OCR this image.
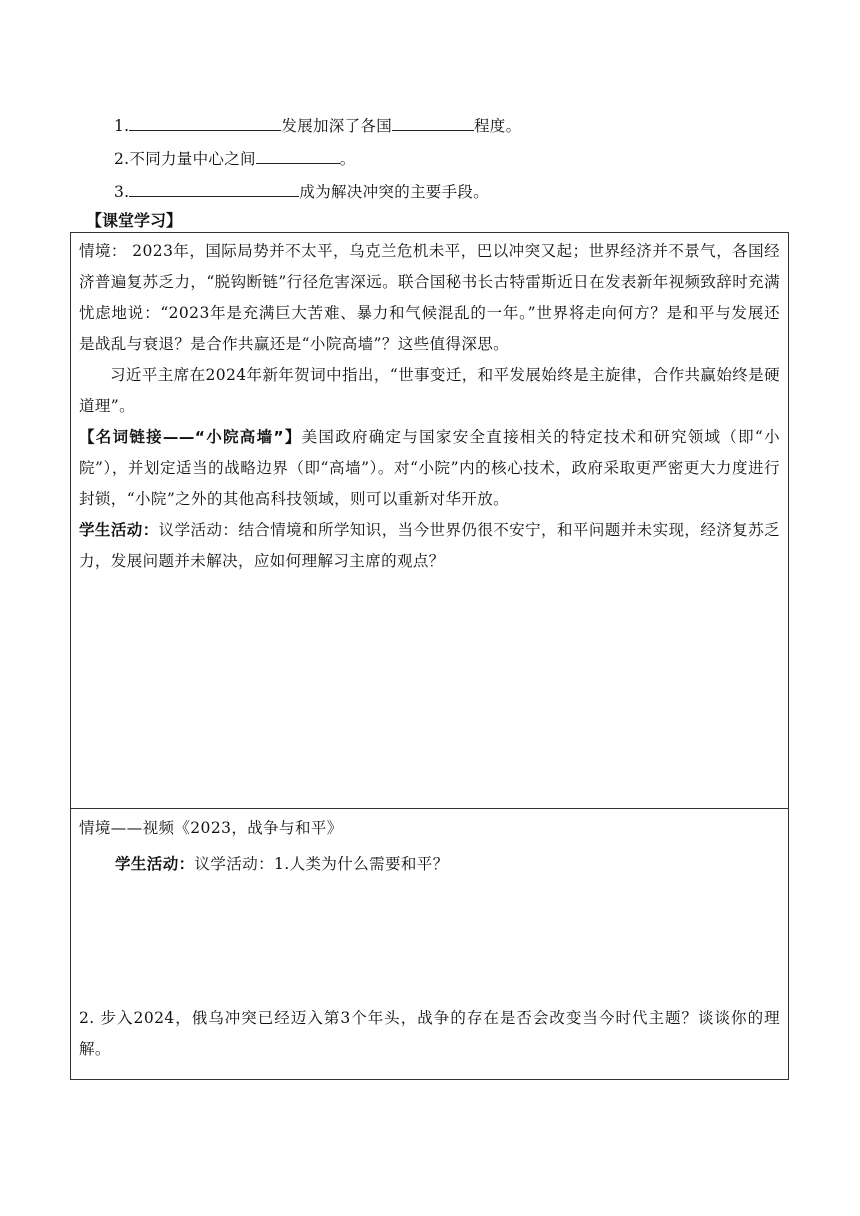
1.	发展加深了各国	程度。
2.不同力量中心之间	。
3.	成为解决冲突的主要手段。
【课堂学习】
情境： 2023年，国际局势并不太平，乌克兰危机未平，巴以冲突又起；世界经济并不景气，各国经济普遍复苏乏力，“脱钩断链”行径危害深远。联合国秘书长古特雷斯近日在发表新年视频致辞时充满忧虑地说：“2023年是充满巨大苦难、暴力和气候混乱的一年。”世界将走向何方？是和平与发展还是战乱与衰退？是合作共赢还是“小院高墙”？这些值得深思。
习近平主席在2024年新年贺词中指出，“世事变迁，和平发展始终是主旋律，合作共赢始终是硬道理”。
【名词链接——“小院高墙”】美国政府确定与国家安全直接相关的特定技术和研究领域（即“小院”），并划定适当的战略边界（即“高墙”）。对“小院”内的核心技术，政府采取更严密更大力度进行封锁，“小院”之外的其他高科技领域，则可以重新对华开放。
学生活动：议学活动：结合情境和所学知识，当今世界仍很不安宁，和平问题并未实现，经济复苏乏力，发展问题并未解决，应如何理解习主席的观点？
情境——视频《2023，战争与和平》
学生活动：议学活动：1.人类为什么需要和平？
2. 步入2024，俄乌冲突已经迈入第3个年头，战争的存在是否会改变当今时代主题？谈谈你的理解。
